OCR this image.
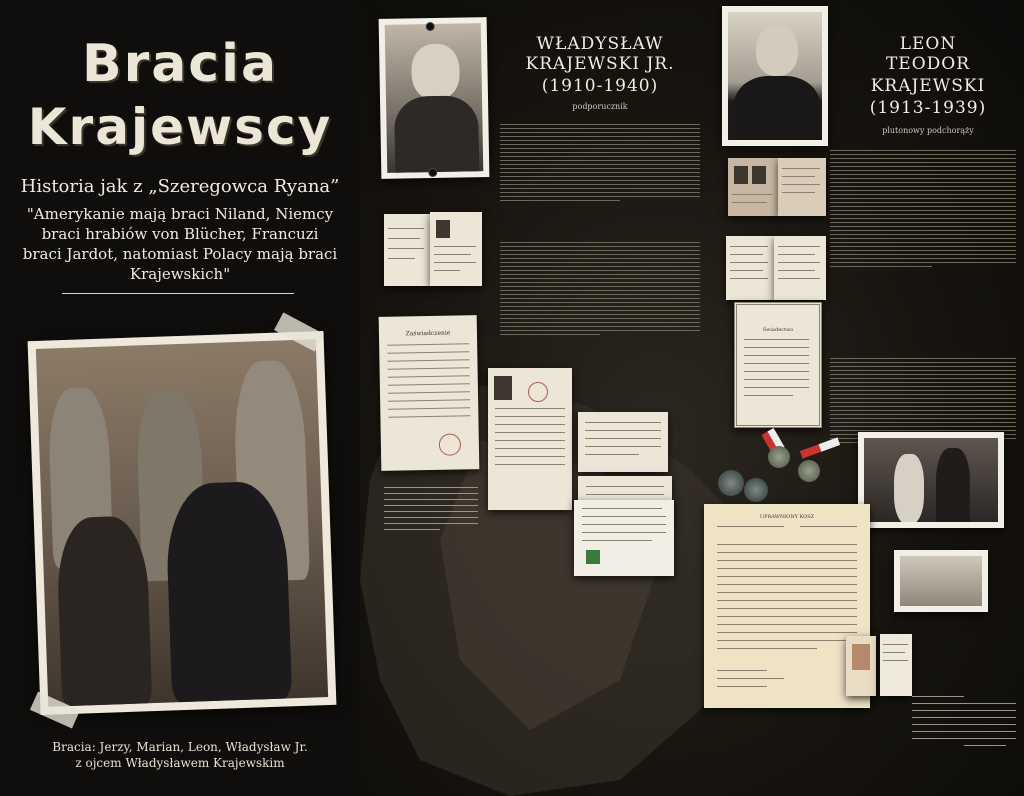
Bracia
Krajewscy
Historia jak z „Szeregowca Ryana”
"Amerykanie mają braci Niland, Niemcy braci hrabiów von Blücher, Francuzi braci Jardot, natomiast Polacy mają braci Krajewskich"
Bracia: Jerzy, Marian, Leon, Władysław Jr.
z ojcem Władysławem Krajewskim
WŁADYSŁAW
KRAJEWSKI JR.
(1910-1940)
podporucznik
Zaświadczenie
LEON
TEODOR
KRAJEWSKI
(1913-1939)
plutonowy podchorąży
Świadectwo
UPRAWNIONY KOSZ
